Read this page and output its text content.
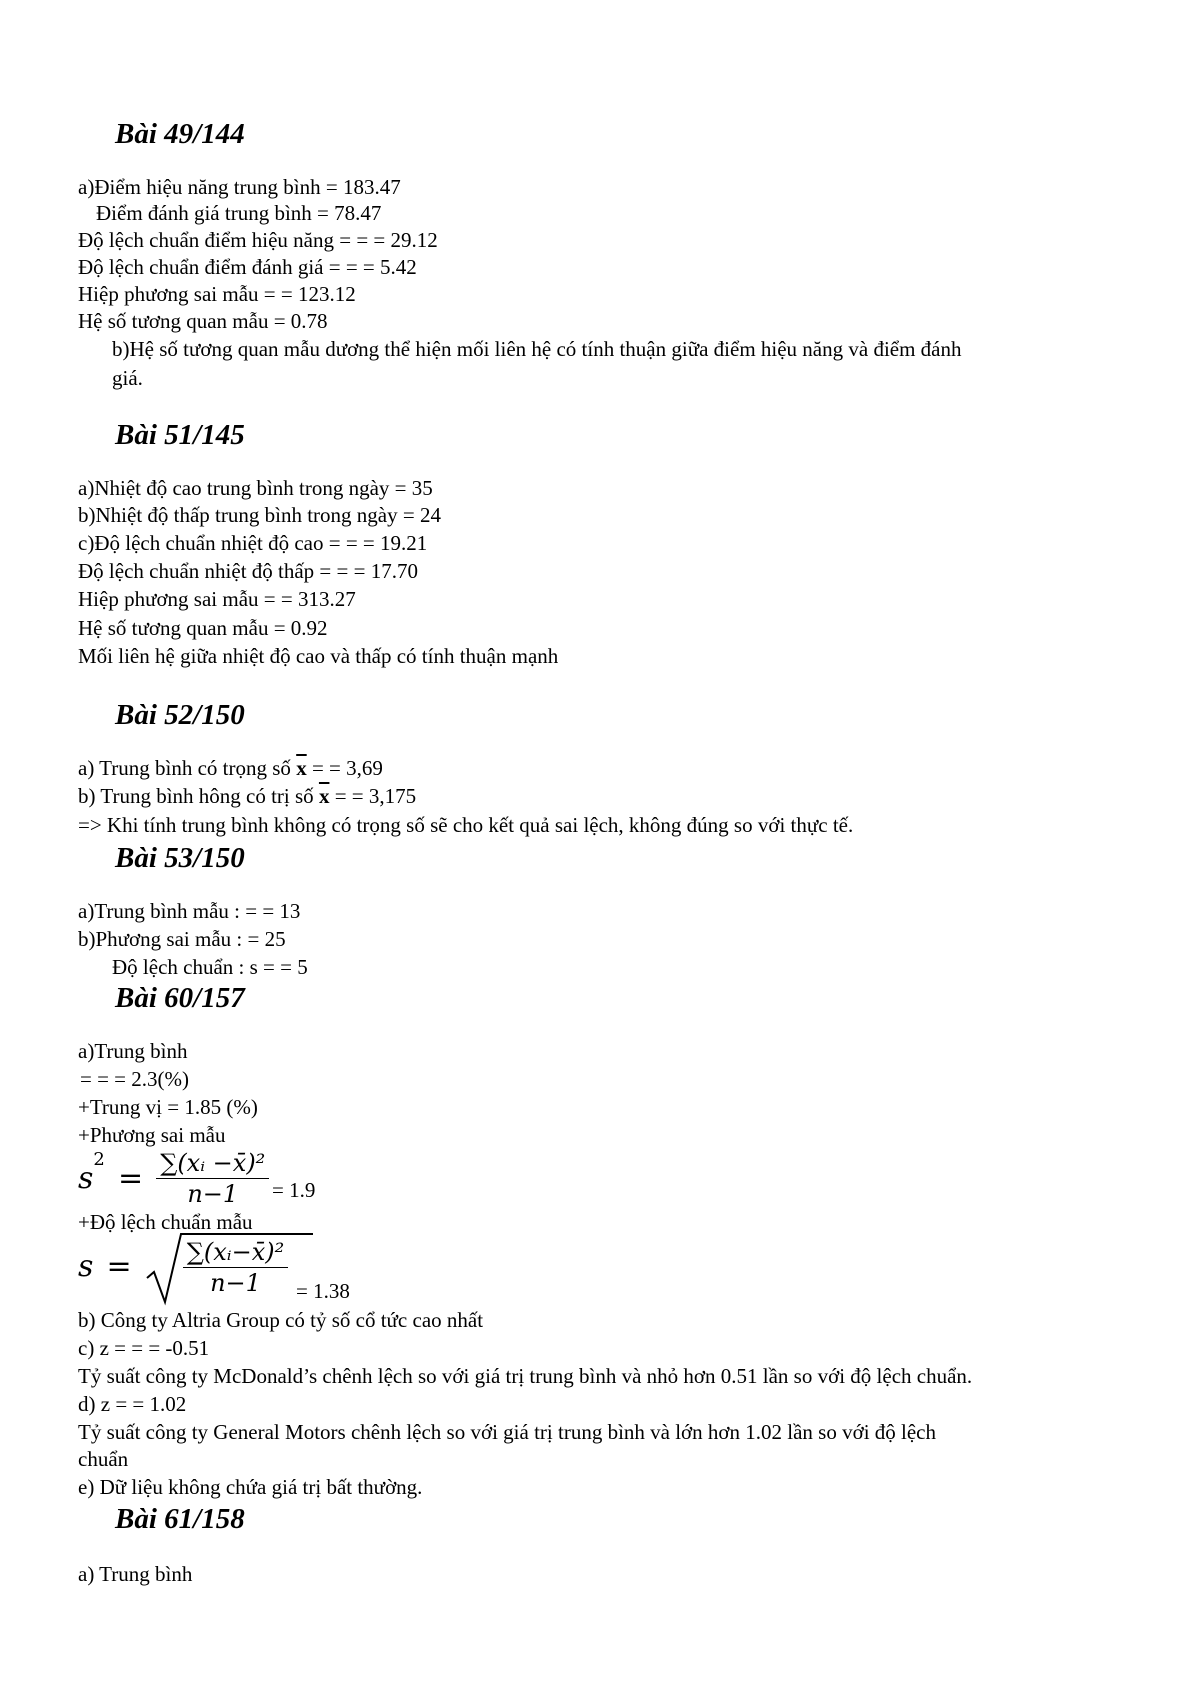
Bài 49/144
a)Điểm hiệu năng trung bình = 183.47
Điểm đánh giá trung bình = 78.47
Độ lệch chuẩn điểm hiệu năng = = = 29.12
Độ lệch chuẩn điểm đánh giá = = = 5.42
Hiệp phương sai mẫu = = 123.12
Hệ số tương quan mẫu = 0.78
b)Hệ số tương quan mẫu dương thể hiện mối liên hệ có tính thuận giữa điểm hiệu năng và điểm đánh
giá.
Bài 51/145
a)Nhiệt độ cao trung bình trong ngày = 35
b)Nhiệt độ thấp trung bình trong ngày = 24
c)Độ lệch chuẩn nhiệt độ cao = = = 19.21
Độ lệch chuẩn nhiệt độ thấp = = = 17.70
Hiệp phương sai mẫu = = 313.27
Hệ số tương quan mẫu = 0.92
Mối liên hệ giữa nhiệt độ cao và thấp có tính thuận mạnh
Bài 52/150
a) Trung bình có trọng số $\overline{x}$ = = 3,69
b) Trung bình hông có trị số $\overline{x}$ = = 3,175
=> Khi tính trung bình không có trọng số sẽ cho kết quả sai lệch, không đúng so với thực tế.
Bài 53/150
a)Trung bình mẫu : = = 13
b)Phương sai mẫu : = 25
Độ lệch chuẩn : s = = 5
Bài 60/157
a)Trung bình
= = = 2.3(%)
+Trung vị = 1.85 (%)
+Phương sai mẫu
$s^2 = \frac{\text{∑(xᵢ −x̄)²}}{n-1} = 1.9$
+Độ lệch chuẩn mẫu
$s = \frac{\text{∑(xᵢ−x̄)²}}{n-1} = 1.38$
b) Công ty Altria Group có tỷ số cổ tức cao nhất
c) z = = = -0.51
Tỷ suất công ty McDonald’s chênh lệch so với giá trị trung bình và nhỏ hơn 0.51 lần so với độ lệch chuẩn.
d) z = = 1.02
Tỷ suất công ty General Motors chênh lệch so với giá trị trung bình và lớn hơn 1.02 lần so với độ lệch
chuẩn
e) Dữ liệu không chứa giá trị bất thường.
Bài 61/158
a) Trung bình
